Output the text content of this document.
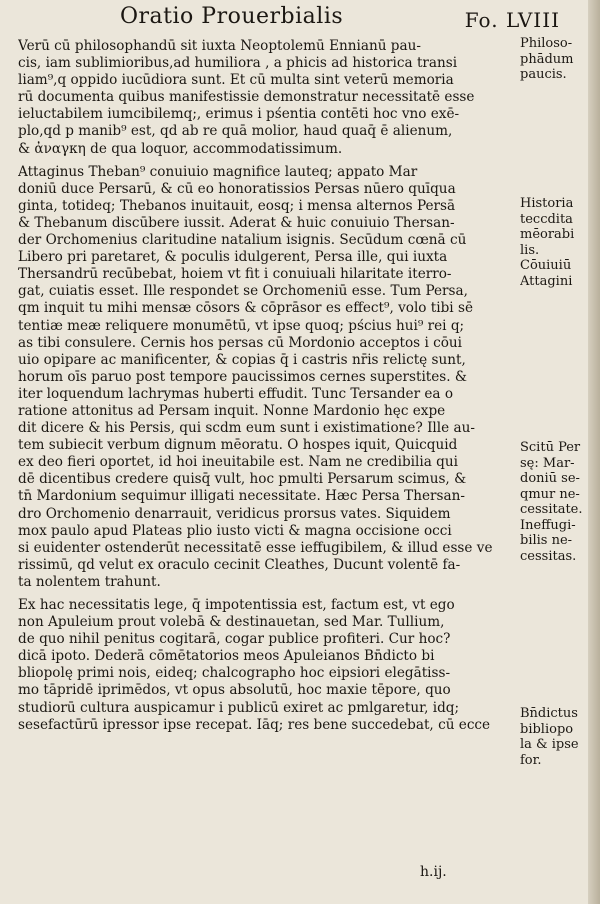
Oratio Prouerbialis	Fo. LVIII
Verū cū philosophandū sit iuxta Neoptolemū Ennianū pau-
cis, iam sublimioribus,ad humiliora , a phicis ad historica transi
liam⁹,q oppido iucūdiora sunt. Et cū multa sint veterū memoria
rū documenta quibus manifestissie demonstratur necessitatē esse
ieluctabilem iumcibilemq;, erimus i pśentia contēti hoc vno exē-
plo,qd p manib⁹ est, qd ab re quā molior, haud quaq̄ ē alienum,
& ἀναγκη de qua loquor, accommodatissimum.
Attaginus Theban⁹ conuiuio magnifice lauteq; appato Mar
doniū duce Persarū, & cū eo honoratissios Persas nūero quīqua
ginta, totideq; Thebanos inuitauit, eosq; i mensa alternos Persā
& Thebanum discūbere iussit. Aderat & huic conuiuio Thersan-
der Orchomenius claritudine natalium isignis. Secūdum cœnā cū
Libero pri paretaret, & poculis idulgerent, Persa ille, qui iuxta
Thersandrū recūbebat, hoiem vt fit i conuiuali hilaritate iterro-
gat, cuiatis esset. Ille respondet se Orchomeniū esse. Tum Persa,
qm inquit tu mihi mensæ cōsors & cōprāsor es effect⁹, volo tibi sē
tentiæ meæ reliquere monumētū, vt ipse quoq; pścius hui⁹ rei q;
as tibi consulere. Cernis hos persas cū Mordonio acceptos i cōui
uio opipare ac manificenter, & copias q̄ i castris nr̄is relictę sunt,
horum oīs paruo post tempore paucissimos cernes superstites. &
iter loquendum lachrymas huberti effudit. Tunc Tersander ea o
ratione attonitus ad Persam inquit. Nonne Mardonio hęc expe
dit dicere & his Persis, qui scdm eum sunt i existimatione? Ille au-
tem subiecit verbum dignum mēoratu. O hospes iquit, Quicquid
ex deo fieri oportet, id hoi ineuitabile est. Nam ne credibilia qui
dē dicentibus credere quisq̄ vult, hoc pmulti Persarum scimus, &
tn̄ Mardonium sequimur illigati necessitate. Hæc Persa Thersan-
dro Orchomenio denarrauit, veridicus prorsus vates. Siquidem
mox paulo apud Plateas plio iusto victi & magna occisione occi
si euidenter ostenderūt necessitatē esse ieffugibilem, & illud esse ve
rissimū, qd velut ex oraculo cecinit Cleathes, Ducunt volentē fa-
ta nolentem trahunt.
Ex hac necessitatis lege, q̄ impotentissia est, factum est, vt ego
non Apuleium prout volebā & destinauetan, sed Mar. Tullium,
de quo nihil penitus cogitarā, cogar publice profiteri. Cur hoc?
dicā ipoto. Dederā cōmētatorios meos Apuleianos Bn̄dicto bi
bliopolę primi nois, eideq; chalcographo hoc eipsiori elegātiss-
mo tāpridē iprimēdos, vt opus absolutū, hoc maxie tēpore, quo
studiorū cultura auspicamur i publicū exiret ac pmlgaretur, idq;
sesefactūrū ipressor ipse recepat. Iāq; res bene succedebat, cū ecce
h.ij.
Philoso-
phādum
paucis.
Historia
teccdita
mēorabi
lis.
Cōuiuiū
Attagini
Scitū Per
sę: Mar-
doniū se-
qmur ne-
cessitate.
Ineffugi-
bilis ne-
cessitas.
Bn̄dictus
bibliopo
la & ipse
for.
